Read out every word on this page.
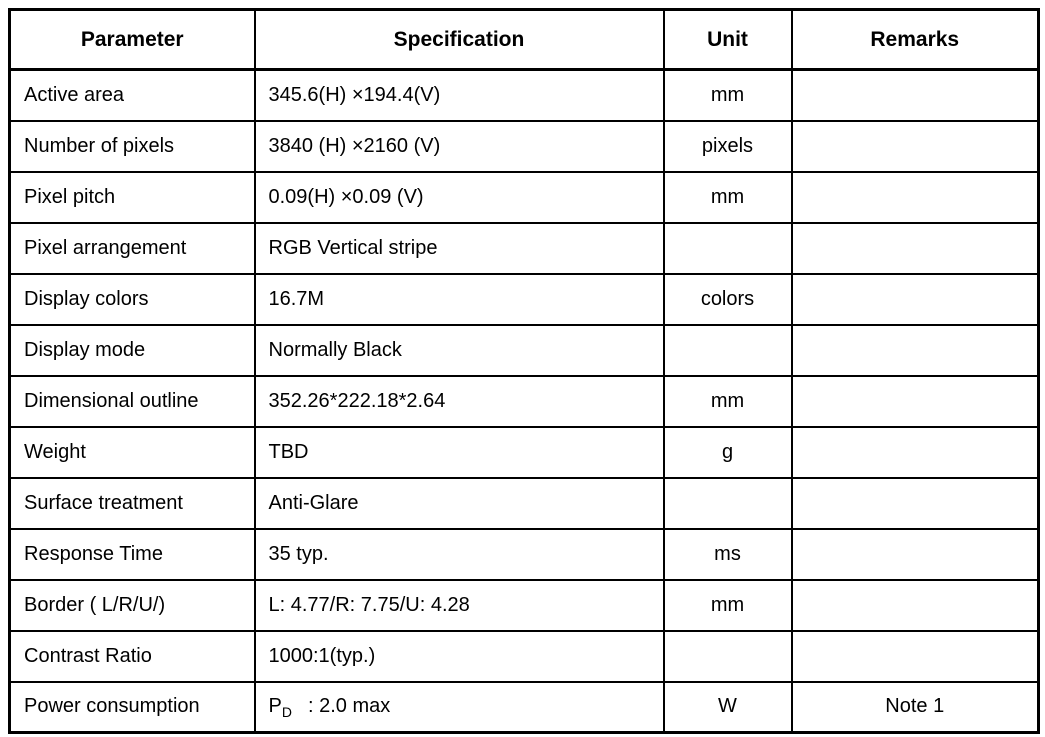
Parameter	Specification	Unit	Remarks
Active area	345.6(H) ×194.4(V)	mm	
Number of pixels	3840 (H) ×2160 (V)	pixels	
Pixel pitch	0.09(H) ×0.09 (V)	mm	
Pixel arrangement	RGB Vertical stripe		
Display colors	16.7M	colors	
Display mode	Normally Black		
Dimensional outline	352.26*222.18*2.64	mm	
Weight	TBD	g	
Surface treatment	Anti-Glare		
Response Time	35 typ.	ms	
Border ( L/R/U/)	L: 4.77/R: 7.75/U: 4.28	mm	
Contrast Ratio	1000:1(typ.)		
Power consumption	$P_D$ : 2.0 max	W	Note 1
